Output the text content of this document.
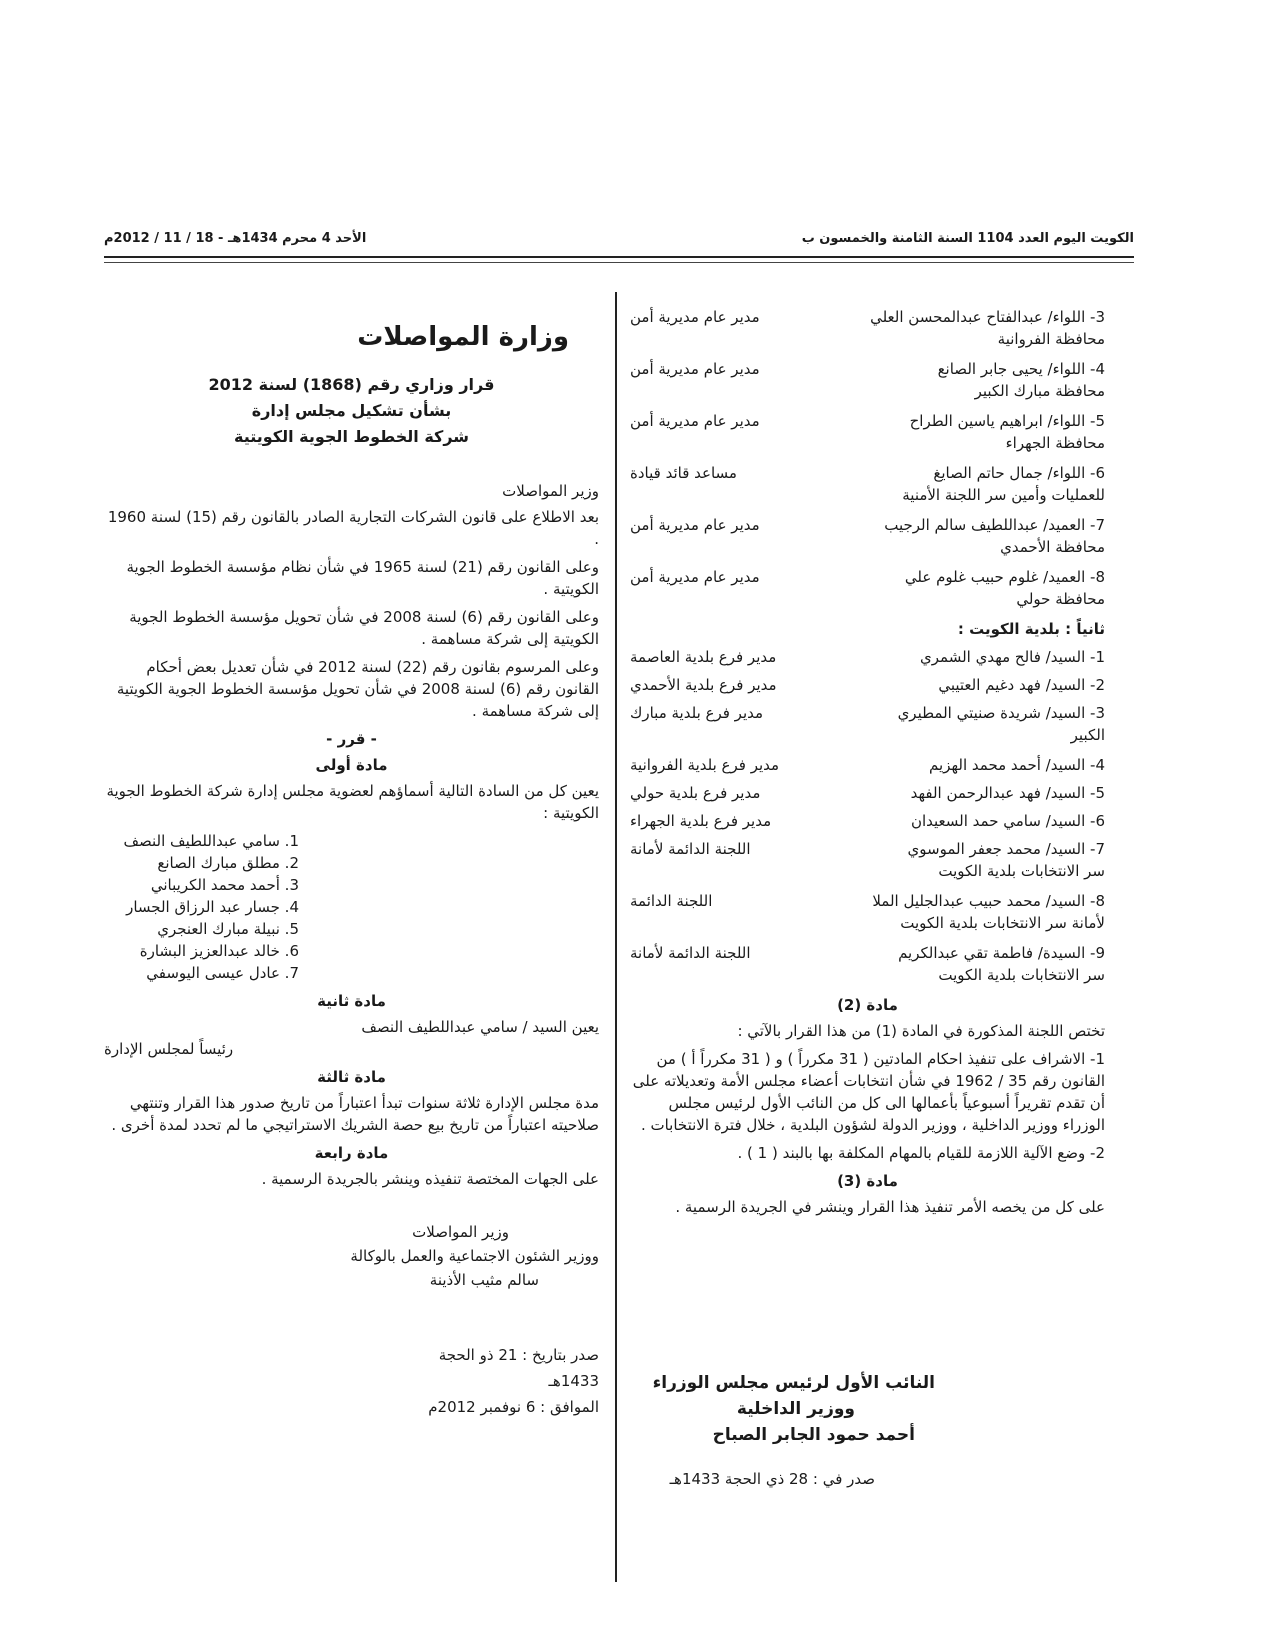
الأحد 4 محرم 1434هـ - 18 / 11 / 2012م	الكويت اليوم العدد 1104 السنة الثامنة والخمسون ب
3- اللواء/ عبدالفتاح عبدالمحسن العلي
مدير عام مديرية أمن
محافظة الفروانية
4- اللواء/ يحيى جابر الصانع
مدير عام مديرية أمن
محافظة مبارك الكبير
5- اللواء/ ابراهيم ياسين الطراح
مدير عام مديرية أمن
محافظة الجهراء
6- اللواء/ جمال حاتم الصايغ
مساعد قائد قيادة
للعمليات وأمين سر اللجنة الأمنية
7- العميد/ عبداللطيف سالم الرجيب
مدير عام مديرية أمن
محافظة الأحمدي
8- العميد/ غلوم حبيب غلوم علي
مدير عام مديرية أمن
محافظة حولي
ثانياً : بلدية الكويت :
1- السيد/ فالح مهدي الشمري
مدير فرع بلدية العاصمة
2- السيد/ فهد دغيم العتيبي
مدير فرع بلدية الأحمدي
3- السيد/ شريدة صنيتي المطيري
مدير فرع بلدية مبارك
الكبير
4- السيد/ أحمد محمد الهزيم
مدير فرع بلدية الفروانية
5- السيد/ فهد عبدالرحمن الفهد
مدير فرع بلدية حولي
6- السيد/ سامي حمد السعيدان
مدير فرع بلدية الجهراء
7- السيد/ محمد جعفر الموسوي
اللجنة الدائمة لأمانة
سر الانتخابات بلدية الكويت
8- السيد/ محمد حبيب عبدالجليل الملا
اللجنة الدائمة
لأمانة سر الانتخابات بلدية الكويت
9- السيدة/ فاطمة تقي عبدالكريم
اللجنة الدائمة لأمانة
سر الانتخابات بلدية الكويت
مادة (2)

تختص اللجنة المذكورة في المادة (1) من هذا القرار بالآتي :

1- الاشراف على تنفيذ احكام المادتين ( 31 مكرراً ) و ( 31 مكرراً أ ) من القانون رقم 35 / 1962 في شأن انتخابات أعضاء مجلس الأمة وتعديلاته على أن تقدم تقريراً أسبوعياً بأعمالها الى كل من النائب الأول لرئيس مجلس الوزراء ووزير الداخلية ، ووزير الدولة لشؤون البلدية ، خلال فترة الانتخابات .

2- وضع الآلية اللازمة للقيام بالمهام المكلفة بها بالبند ( 1 ) .

مادة (3)

على كل من يخصه الأمر تنفيذ هذا القرار وينشر في الجريدة الرسمية .

النائب الأول لرئيس مجلس الوزراء
ووزير الداخلية
أحمد حمود الجابر الصباح
صدر في : 28 ذي الحجة 1433هـ
وزارة المواصلات
قرار وزاري رقم (1868) لسنة 2012
بشأن تشكيل مجلس إدارة
شركة الخطوط الجوية الكويتية
وزير المواصلات

بعد الاطلاع على قانون الشركات التجارية الصادر بالقانون رقم (15) لسنة 1960 .

وعلى القانون رقم (21) لسنة 1965 في شأن نظام مؤسسة الخطوط الجوية الكويتية .

وعلى القانون رقم (6) لسنة 2008 في شأن تحويل مؤسسة الخطوط الجوية الكويتية إلى شركة مساهمة .

وعلى المرسوم بقانون رقم (22) لسنة 2012 في شأن تعديل بعض أحكام القانون رقم (6) لسنة 2008 في شأن تحويل مؤسسة الخطوط الجوية الكويتية إلى شركة مساهمة .

- قرر -
مادة أولى

يعين كل من السادة التالية أسماؤهم لعضوية مجلس إدارة شركة الخطوط الجوية الكويتية :

1. سامي عبداللطيف النصف
2. مطلق مبارك الصانع
3. أحمد محمد الكريباني
4. جسار عبد الرزاق الجسار
5. نبيلة مبارك العنجري
6. خالد عبدالعزيز البشارة
7. عادل عيسى اليوسفي
مادة ثانية
يعين السيد / سامي عبداللطيف النصف
رئيساً لمجلس الإدارة
مادة ثالثة

مدة مجلس الإدارة ثلاثة سنوات تبدأ اعتباراً من تاريخ صدور هذا القرار وتنتهي صلاحيته اعتباراً من تاريخ بيع حصة الشريك الاستراتيجي ما لم تحدد لمدة أخرى .

مادة رابعة

على الجهات المختصة تنفيذه وينشر بالجريدة الرسمية .

وزير المواصلات
ووزير الشئون الاجتماعية والعمل بالوكالة
سالم مثيب الأذينة
صدر بتاريخ : 21 ذو الحجة 1433هـ
الموافق : 6 نوفمبر 2012م
